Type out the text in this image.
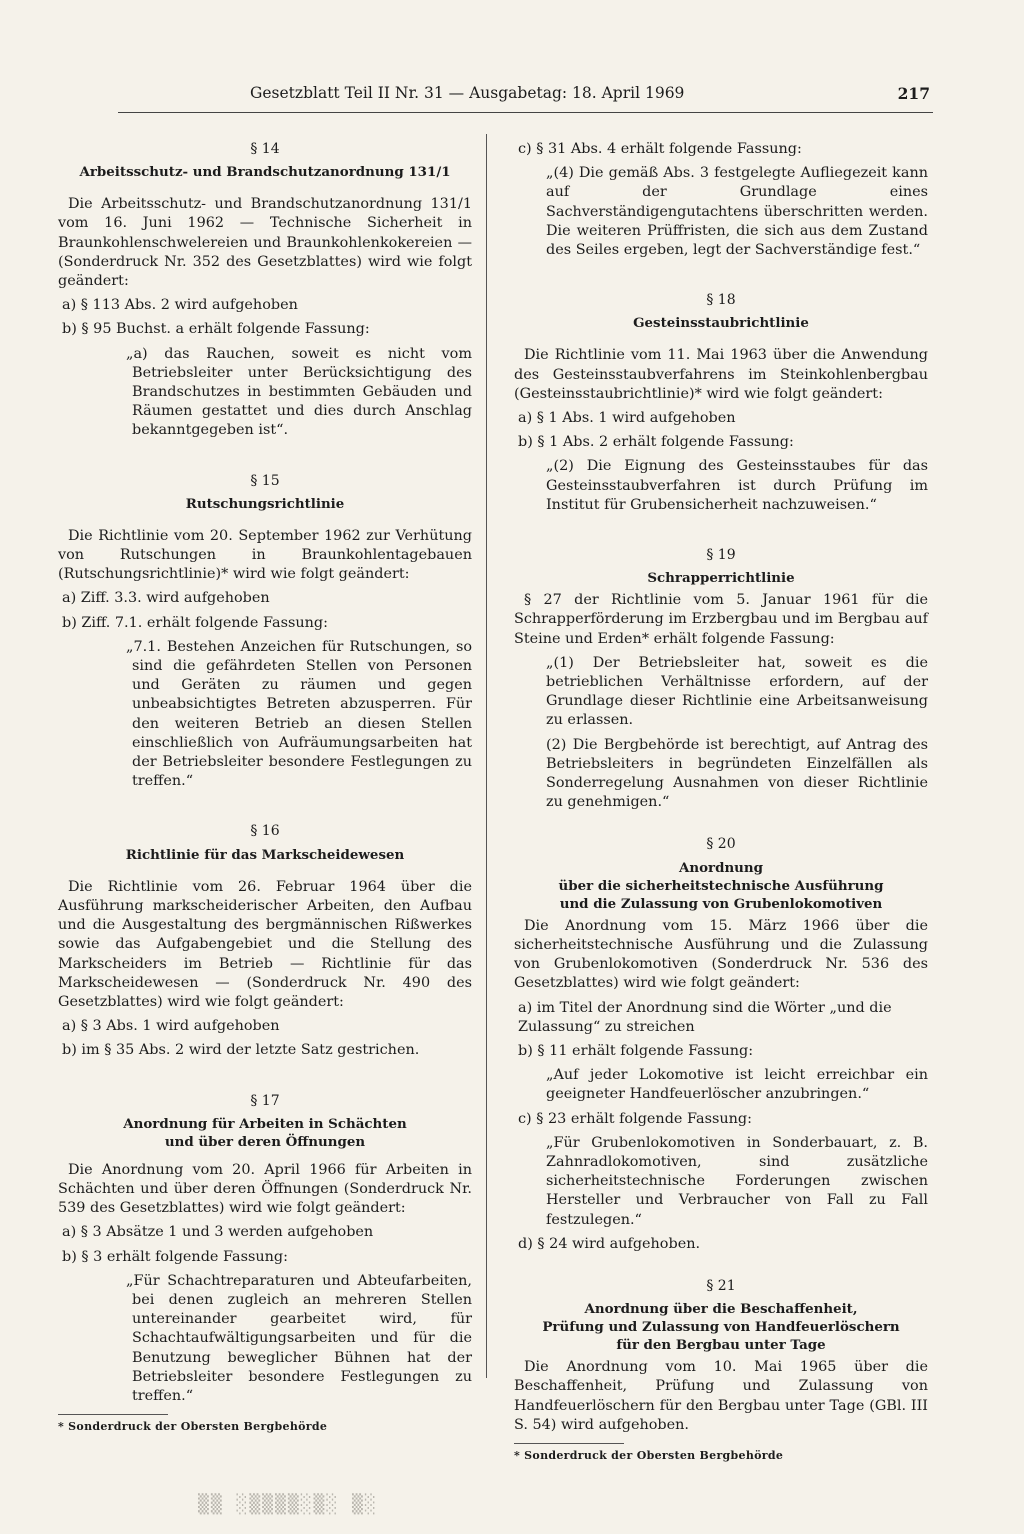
Gesetzblatt Teil II Nr. 31 — Ausgabetag: 18. April 1969	217
§ 14
Arbeitsschutz- und Brandschutzanordnung 131/1

Die Arbeitsschutz- und Brandschutzanordnung 131/1 vom 16. Juni 1962 — Technische Sicherheit in Braunkohlenschwelereien und Braunkohlenkokereien — (Sonderdruck Nr. 352 des Gesetzblattes) wird wie folgt geändert:

a) § 113 Abs. 2 wird aufgehoben

b) § 95 Buchst. a erhält folgende Fassung:

„a) das Rauchen, soweit es nicht vom Betriebsleiter unter Berücksichtigung des Brandschutzes in bestimmten Gebäuden und Räumen gestattet und dies durch Anschlag bekanntgegeben ist“.

§ 15
Rutschungsrichtlinie

Die Richtlinie vom 20. September 1962 zur Verhütung von Rutschungen in Braunkohlentagebauen (Rutschungsrichtlinie)* wird wie folgt geändert:

a) Ziff. 3.3. wird aufgehoben

b) Ziff. 7.1. erhält folgende Fassung:

„7.1. Bestehen Anzeichen für Rutschungen, so sind die gefährdeten Stellen von Personen und Geräten zu räumen und gegen unbeabsichtigtes Betreten abzusperren. Für den weiteren Betrieb an diesen Stellen einschließlich von Aufräumungsarbeiten hat der Betriebsleiter besondere Festlegungen zu treffen.“

§ 16
Richtlinie für das Markscheidewesen

Die Richtlinie vom 26. Februar 1964 über die Ausführung markscheiderischer Arbeiten, den Aufbau und die Ausgestaltung des bergmännischen Rißwerkes sowie das Aufgabengebiet und die Stellung des Markscheiders im Betrieb — Richtlinie für das Markscheidewesen — (Sonderdruck Nr. 490 des Gesetzblattes) wird wie folgt geändert:

a) § 3 Abs. 1 wird aufgehoben

b) im § 35 Abs. 2 wird der letzte Satz gestrichen.

§ 17
Anordnung für Arbeiten in Schächten
und über deren Öffnungen

Die Anordnung vom 20. April 1966 für Arbeiten in Schächten und über deren Öffnungen (Sonderdruck Nr. 539 des Gesetzblattes) wird wie folgt geändert:

a) § 3 Absätze 1 und 3 werden aufgehoben

b) § 3 erhält folgende Fassung:

„Für Schachtreparaturen und Abteufarbeiten, bei denen zugleich an mehreren Stellen untereinander gearbeitet wird, für Schachtaufwältigungsarbeiten und für die Benutzung beweglicher Bühnen hat der Betriebsleiter besondere Festlegungen zu treffen.“

* Sonderdruck der Obersten Bergbehörde

c) § 31 Abs. 4 erhält folgende Fassung:

„(4) Die gemäß Abs. 3 festgelegte Aufliegezeit kann auf der Grundlage eines Sachverständigengutachtens überschritten werden. Die weiteren Prüffristen, die sich aus dem Zustand des Seiles ergeben, legt der Sachverständige fest.“

§ 18
Gesteinsstaubrichtlinie

Die Richtlinie vom 11. Mai 1963 über die Anwendung des Gesteinsstaubverfahrens im Steinkohlenbergbau (Gesteinsstaubrichtlinie)* wird wie folgt geändert:

a) § 1 Abs. 1 wird aufgehoben

b) § 1 Abs. 2 erhält folgende Fassung:

„(2) Die Eignung des Gesteinsstaubes für das Gesteinsstaubverfahren ist durch Prüfung im Institut für Grubensicherheit nachzuweisen.“

§ 19
Schrapperrichtlinie

§ 27 der Richtlinie vom 5. Januar 1961 für die Schrapperförderung im Erzbergbau und im Bergbau auf Steine und Erden* erhält folgende Fassung:

„(1) Der Betriebsleiter hat, soweit es die betrieblichen Verhältnisse erfordern, auf der Grundlage dieser Richtlinie eine Arbeitsanweisung zu erlassen.

(2) Die Bergbehörde ist berechtigt, auf Antrag des Betriebsleiters in begründeten Einzelfällen als Sonderregelung Ausnahmen von dieser Richtlinie zu genehmigen.“

§ 20
Anordnung
über die sicherheitstechnische Ausführung
und die Zulassung von Grubenlokomotiven

Die Anordnung vom 15. März 1966 über die sicherheitstechnische Ausführung und die Zulassung von Grubenlokomotiven (Sonderdruck Nr. 536 des Gesetzblattes) wird wie folgt geändert:

a) im Titel der Anordnung sind die Wörter „und die Zulassung“ zu streichen

b) § 11 erhält folgende Fassung:

„Auf jeder Lokomotive ist leicht erreichbar ein geeigneter Handfeuerlöscher anzubringen.“

c) § 23 erhält folgende Fassung:

„Für Grubenlokomotiven in Sonderbauart, z. B. Zahnradlokomotiven, sind zusätzliche sicherheitstechnische Forderungen zwischen Hersteller und Verbraucher von Fall zu Fall festzulegen.“

d) § 24 wird aufgehoben.

§ 21
Anordnung über die Beschaffenheit,
Prüfung und Zulassung von Handfeuerlöschern
für den Bergbau unter Tage

Die Anordnung vom 10. Mai 1965 über die Beschaffenheit, Prüfung und Zulassung von Handfeuerlöschern für den Bergbau unter Tage (GBl. III S. 54) wird aufgehoben.

* Sonderdruck der Obersten Bergbehörde
▒▒ ░▒▒▒▒░▒░ ▒░
